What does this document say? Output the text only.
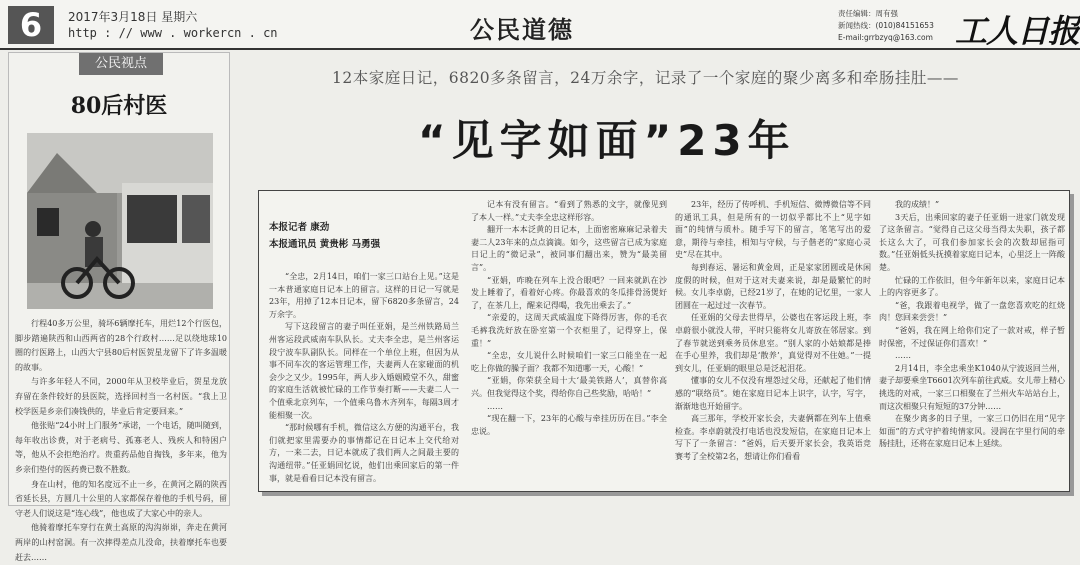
6	2017年3月18日 星期六
http : // www . workercn . cn	公民道德
责任编辑：周有强
新闻热线：(010)84151653
E-mail:grrbzyq@163.com 工人日报
公民视点
80后村医

行程40多万公里，骑坏6辆摩托车，用烂12个行医包，脚步踏遍陕西和山西两省的28个行政村……足以绕地球10圈的行医路上，山西大宁县80后村医贺星龙留下了许多温暖的故事。

与许多年轻人不同，2000年从卫校毕业后，贺星龙放弃留在条件较好的县医院，选择回村当一名村医。“我上卫校学医是乡亲们凑钱供的，毕业后肯定要回来。”

他张贴“24小时上门服务”承诺，一个电话，随叫随到，每年收出诊费，对于老病号、孤寡老人、残疾人和特困户等，他从不会拒绝治疗。贵重药品他自掏钱，多年来，他为乡亲们垫付的医药费已数不胜数。

身在山村，他的知名度远不止一乡，在黄河之隔的陕西省延长县，方圆几十公里的人家都保存着他的手机号码，留守老人们说这是“连心线”，他也成了大家心中的亲人。

他骑着摩托车穿行在黄土高原的沟沟峁峁，奔走在黄河两岸的山村窑洞。有一次摔得差点儿没命，扶着摩托车也要赶去……

12本家庭日记，6820多条留言，24万余字，记录了一个家庭的聚少离多和牵肠挂肚——
“见字如面”23年
本报记者 康劲
本报通讯员 黄贵彬 马勇强

“全忠，2月14日，咱们一家三口站台上见。”这是一本普通家庭日记本上的留言。这样的日记一写就是23年，用掉了12本日记本，留下6820多条留言，24万余字。

写下这段留言的妻子叫任亚娟，是兰州铁路局兰州客运段武威南车队队长。丈夫李全忠，是兰州客运段宁波车队副队长。同样在一个单位上班，但因为从事不同车次的客运管理工作，夫妻两人在家碰面的机会少之又少。1995年，两人步入婚姻殿堂不久，甜蜜的家庭生活就被忙碌的工作节奏打断——夫妻二人一个值乘北京列车，一个值乘乌鲁木齐列车，每隔3周才能相聚一次。

“那时候哪有手机，微信这么方便的沟通平台，我们就把家里需要办的事情都记在日记本上交代给对方，一来二去，日记本就成了我们两人之间最主要的沟通纽带。”任亚娟回忆说，他们出乘回家后的第一件事，就是看看日记本没有留言。

记本有没有留言。“看到了熟悉的文字，就像见到了本人一样。”丈夫李全忠这样形容。

翻开一本本泛黄的日记本，上面密密麻麻记录着夫妻二人23年来的点点滴滴。如今，这些留言已成为家庭日记上的“微记录”，被同事们翻出来，赞为“最美留言”。

“亚娟，咋晚在列车上没合眼吧？一回来就趴在沙发上睡着了，看着好心疼。你最喜欢的冬瓜排骨汤煲好了，在茶几上，醒来记得喝，我先出乘去了。”

“亲爱的，这周天武威温度下降得厉害，你的毛衣毛裤我洗好放在卧室第一个衣柜里了，记得穿上，保重！”

“全忠，女儿说什么时候咱们一家三口能坐在一起吃上你做的臊子面？我都不知道哪一天，心酸！”

“亚娟，你荣获全局十大‘最美铁路人’，真替你高兴。但我觉得这个奖，得给你自己些奖励，哈哈！”

……

“现在翻一下，23年的心酸与牵挂历历在目。”李全忠说。

23年，经历了传呼机、手机短信、微博微信等不同的通讯工具，但是所有的一切似乎都比不上“见字如面”的纯情与质朴。随手写下的留言，笔笔写出的爱意，期待与牵挂，相知与守候，与子偕老的“家庭心灵史”尽在其中。

每到春运、暑运和黄金周，正是家家团圆或是休闲度假的时候，但对于这对夫妻来说，却是最繁忙的时候。女儿李卓蔚，已经21岁了，在她的记忆里，一家人团圆在一起过过一次春节。

任亚娟的父母去世得早，公婆也在客运段上班，李卓蔚很小就没人带，平时只能将女儿寄放在邻居家。到了春节就送到乘务员休息室。“别人家的小姑娘都是捧在手心里养，我们却是‘散养’，真觉得对不住她。”一提到女儿，任亚娟的眼里总是泛起泪花。

懂事的女儿不仅没有埋怨过父母，还献起了他们情感的“联络员”。她在家庭日记本上识字，认字，写字，渐渐地也开始留字。

高三那年，学校开家长会，夫妻俩都在列车上值乘检查。李卓蔚就没打电话也没发短信，在家庭日记本上写下了一条留言：“爸妈，后天要开家长会，我英语竞赛考了全校第2名，想请让你们看看

我的成绩！”

3天后，出乘回家的妻子任亚娟一进家门就发现了这条留言。“觉得自己这父母当得太失职，孩子都长这么大了，可我们参加家长会的次数却屈指可数。”任亚娟低头抚摸着家庭日记本，心里泛上一阵酸楚。

忙碌的工作依旧，但今年新年以来，家庭日记本上的内容更多了。

“爸，我跟着电视学，做了一盘您喜欢吃的红烧肉！您回来尝尝！”

“爸妈，我在网上给你们定了一款对戒，样子暂时保密，不过保证你们喜欢！”

……

2月14日，李全忠乘坐K1040从宁波返回兰州，妻子却要乘坐T6601次列车前往武威。女儿带上精心挑选的对戒，一家三口相聚在了兰州火车站站台上，而这次相聚只有短短的37分钟……

在聚少离多的日子里，一家三口仍旧在用“见字如面”的方式守护着纯情家风。浸润在字里行间的牵肠挂肚，还将在家庭日记本上延续。
